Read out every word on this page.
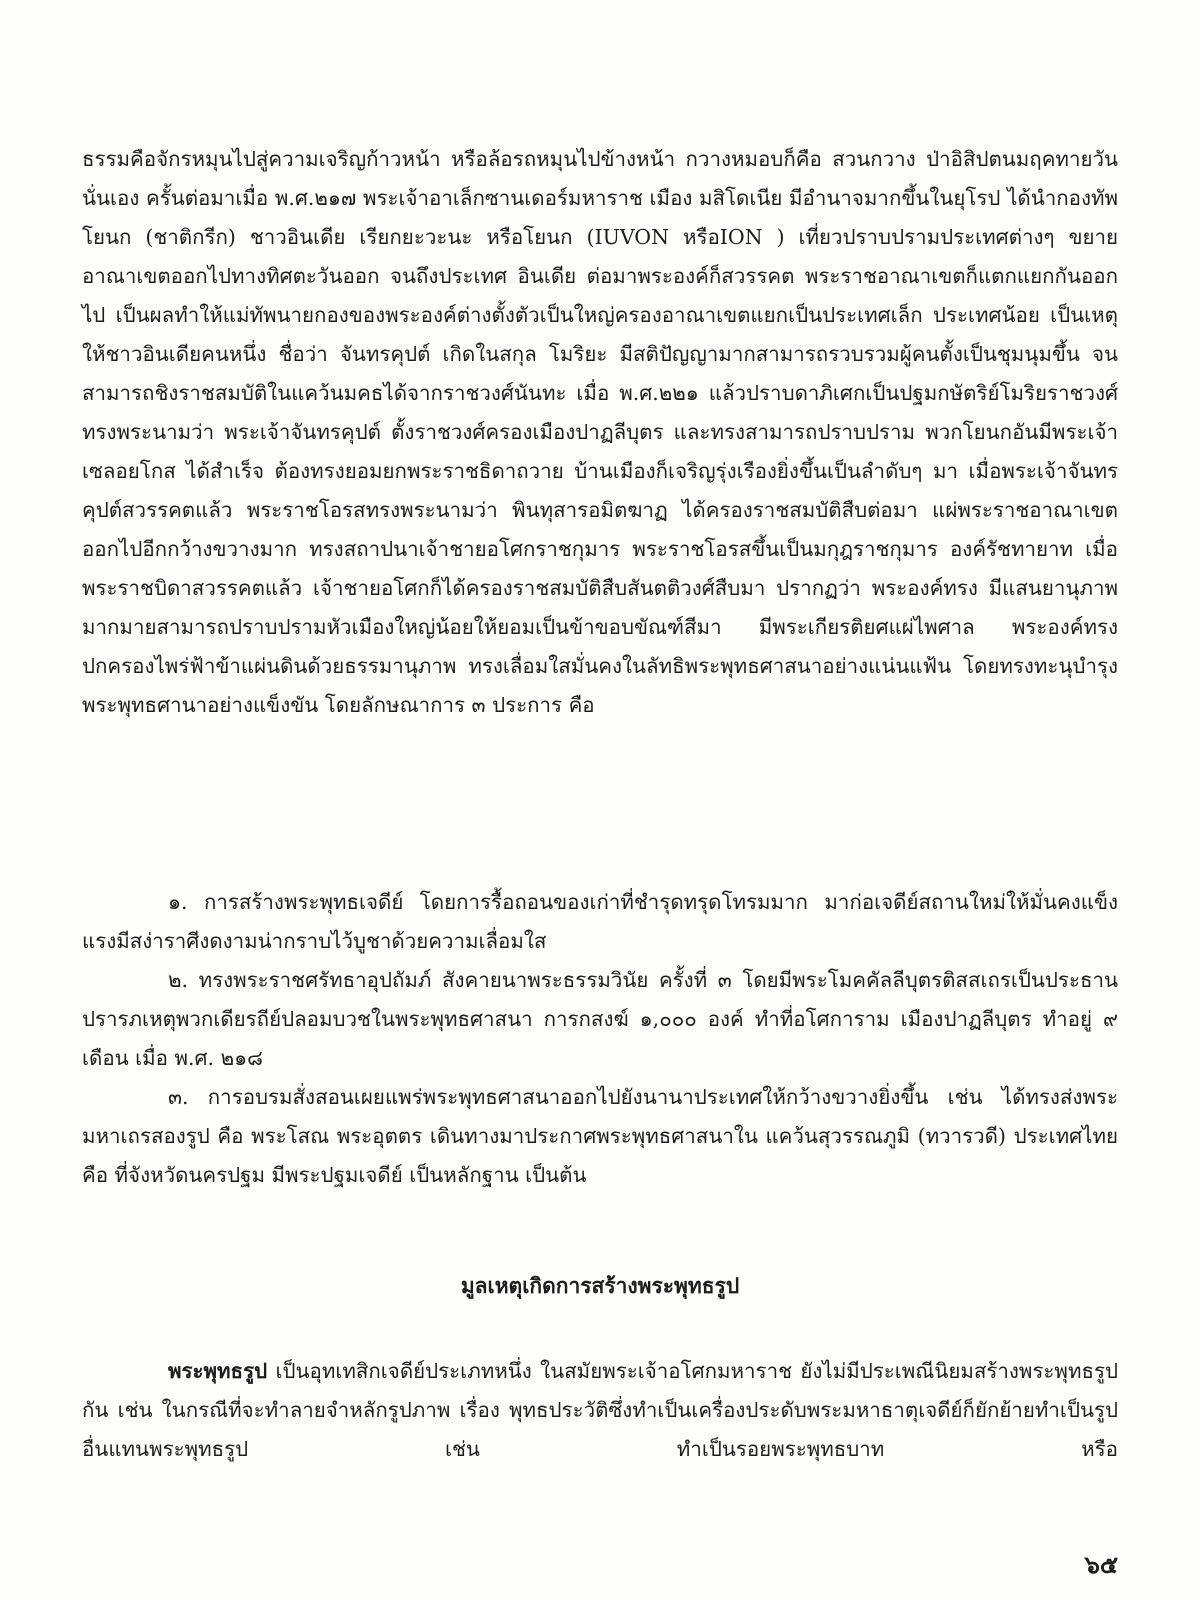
ธรรมคือจักรหมุนไปสู่ความเจริญก้าวหน้า หรือล้อรถหมุนไปข้างหน้า กวางหมอบก็คือ สวนกวาง ป่าอิสิปตนมฤคทายวัน นั่นเอง ครั้นต่อมาเมื่อ พ.ศ.๒๑๗ พระเจ้าอาเล็กซานเดอร์มหาราช เมือง มสิโดเนีย มีอำนาจมากขึ้นในยุโรป ได้นำกองทัพโยนก (ชาติกรีก) ชาวอินเดีย เรียกยะวะนะ หรือโยนก (IUVON หรือION ) เที่ยวปราบปรามประเทศต่างๆ ขยายอาณาเขตออกไปทางทิศตะวันออก จนถึงประเทศ อินเดีย ต่อมาพระองค์ก็สวรรคต พระราชอาณาเขตก็แตกแยกกันออกไป เป็นผลทำให้แม่ทัพนายกองของพระองค์ต่างตั้งตัวเป็นใหญ่ครองอาณาเขตแยกเป็นประเทศเล็ก ประเทศน้อย เป็นเหตุให้ชาวอินเดียคนหนึ่ง ชื่อว่า จันทรคุปต์ เกิดในสกุล โมริยะ มีสติปัญญามากสามารถรวบรวมผู้คนตั้งเป็นชุมนุมขึ้น จนสามารถชิงราชสมบัติในแคว้นมคธได้จากราชวงศ์นันทะ เมื่อ พ.ศ.๒๒๑ แล้วปราบดาภิเศกเป็นปฐมกษัตริย์โมริยราชวงศ์ ทรงพระนามว่า พระเจ้าจันทรคุปต์ ตั้งราชวงศ์ครองเมืองปาฏลีบุตร และทรงสามารถปราบปราม พวกโยนกอันมีพระเจ้าเซลอยโกส ได้สำเร็จ ต้องทรงยอมยกพระราชธิดาถวาย บ้านเมืองก็เจริญรุ่งเรืองยิ่งขึ้นเป็นลำดับๆ มา เมื่อพระเจ้าจันทรคุปต์สวรรคตแล้ว พระราชโอรสทรงพระนามว่า พินทุสารอมิตฆาฏ ได้ครองราชสมบัติสืบต่อมา แผ่พระราชอาณาเขตออกไปอีกกว้างขวางมาก ทรงสถาปนาเจ้าชายอโศกราชกุมาร พระราชโอรสขึ้นเป็นมกุฎราชกุมาร องค์รัชทายาท เมื่อพระราชบิดาสวรรคตแล้ว เจ้าชายอโศกก็ได้ครองราชสมบัติสืบสันตติวงศ์สืบมา ปรากฏว่า พระองค์ทรง มีแสนยานุภาพมากมายสามารถปราบปรามหัวเมืองใหญ่น้อยให้ยอมเป็นข้าขอบขัณฑ์สีมา มีพระเกียรติยศแผ่ไพศาล พระองค์ทรงปกครองไพร่ฟ้าข้าแผ่นดินด้วยธรรมานุภาพ ทรงเลื่อมใสมั่นคงในลัทธิพระพุทธศาสนาอย่างแน่นแฟ้น โดยทรงทะนุบำรุงพระพุทธศานาอย่างแข็งขัน โดยลักษณาการ ๓ ประการ คือ

๑. การสร้างพระพุทธเจดีย์ โดยการรื้อถอนของเก่าที่ชำรุดทรุดโทรมมาก มาก่อเจดีย์สถานใหม่ให้มั่นคงแข็งแรงมีสง่าราศีงดงามน่ากราบไว้บูชาด้วยความเลื่อมใส

๒. ทรงพระราชศรัทธาอุปถัมภ์ สังคายนาพระธรรมวินัย ครั้งที่ ๓ โดยมีพระโมคคัลลีบุตรติสสเถรเป็นประธาน ปรารภเหตุพวกเดียรถีย์ปลอมบวชในพระพุทธศาสนา การกสงฆ์ ๑,๐๐๐ องค์ ทำที่อโศการาม เมืองปาฏลีบุตร ทำอยู่ ๙ เดือน เมื่อ พ.ศ. ๒๑๘

๓. การอบรมสั่งสอนเผยแพร่พระพุทธศาสนาออกไปยังนานาประเทศให้กว้างขวางยิ่งขึ้น เช่น ได้ทรงส่งพระมหาเถรสองรูป คือ พระโสณ พระอุตตร เดินทางมาประกาศพระพุทธศาสนาใน แคว้นสุวรรณภูมิ (ทวารวดี) ประเทศไทยคือ ที่จังหวัดนครปฐม มีพระปฐมเจดีย์ เป็นหลักฐาน เป็นต้น

มูลเหตุเกิดการสร้างพระพุทธรูป

พระพุทธรูป เป็นอุทเทสิกเจดีย์ประเภทหนึ่ง ในสมัยพระเจ้าอโศกมหาราช ยังไม่มีประเพณีนิยมสร้างพระพุทธรูปกัน เช่น ในกรณีที่จะทำลายจำหลักรูปภาพ เรื่อง พุทธประวัติซึ่งทำเป็นเครื่องประดับพระมหาธาตุเจดีย์ก็ยักย้ายทำเป็นรูปอื่นแทนพระพุทธรูป เช่น ทำเป็นรอยพระพุทธบาท หรือ

๖๕
